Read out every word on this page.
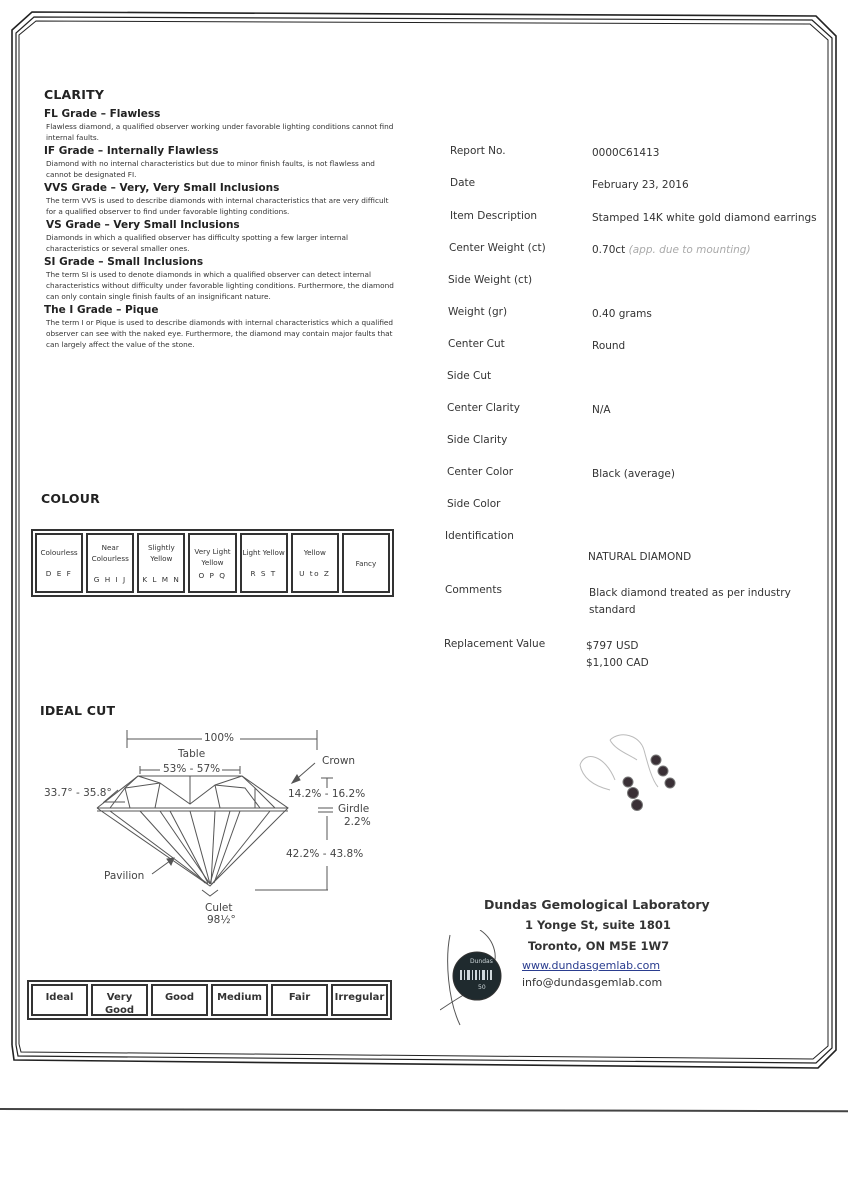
CLARITY

FL Grade – Flawless

Flawless diamond, a qualified observer working under favorable lighting conditions cannot find internal faults.

IF Grade – Internally Flawless

Diamond with no internal characteristics but due to minor finish faults, is not flawless and cannot be designated FI.

VVS Grade – Very, Very Small Inclusions

The term VVS is used to describe diamonds with internal characteristics that are very difficult for a qualified observer to find under favorable lighting conditions.

VS Grade – Very Small Inclusions

Diamonds in which a qualified observer has difficulty spotting a few larger internal characteristics or several smaller ones.

SI Grade – Small Inclusions

The term SI is used to denote diamonds in which a qualified observer can detect internal characteristics without difficulty under favorable lighting conditions. Furthermore, the diamond can only contain single finish faults of an insignificant nature.

The I Grade – Pique

The term I or Pique is used to describe diamonds with internal characteristics which a qualified observer can see with the naked eye. Furthermore, the diamond may contain major faults that can largely affect the value of the stone.

COLOUR
Colourless
D E F
Near Colourless
G H I J
Slightly Yellow
K L M N
Very Light Yellow
O P Q
Light Yellow
R S T
Yellow
U to Z
Fancy
IDEAL CUT
100%
Table
53% - 57%
Crown
33.7° - 35.8°	14.2% - 16.2%
Girdle
2.2%
42.2% - 43.8%
Pavilion
Culet
98½°
Ideal	Very Good
Good	Medium	Fair	Irregular
Report No.	0000C61413
Date	February 23, 2016
Item Description	Stamped 14K white gold diamond earrings
Center Weight (ct)	0.70ct (app. due to mounting)
Side Weight (ct)
Weight (gr)	0.40 grams
Center Cut	Round
Side Cut
Center Clarity	N/A
Side Clarity
Center Color	Black (average)
Side Color
Identification
NATURAL DIAMOND
Comments	Black diamond treated as per industry standard
Replacement Value	$797 USD
$1,100 CAD
Dundas Gemological Laboratory
1 Yonge St, suite 1801
Toronto, ON M5E 1W7
www.dundasgemlab.com
info@dundasgemlab.com
Dundas
50
